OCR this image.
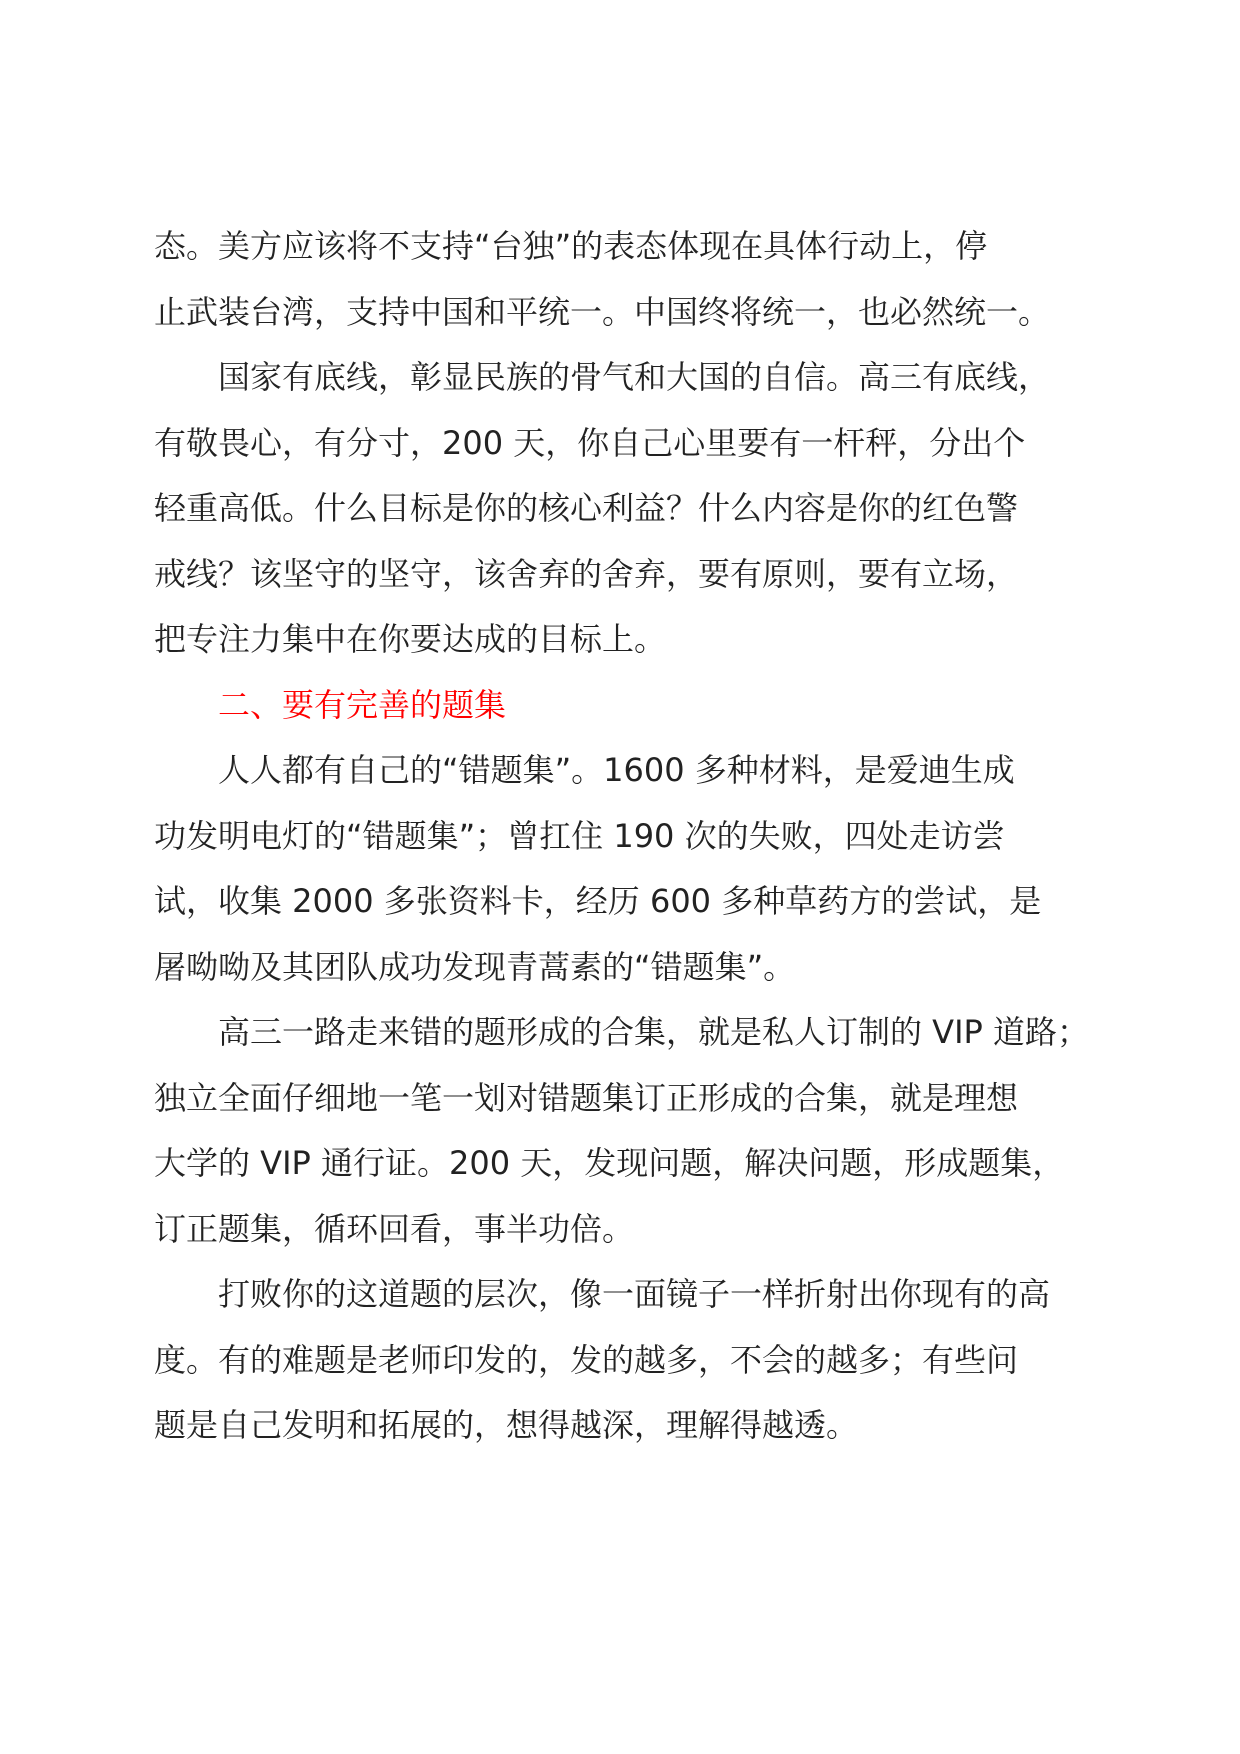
态。美方应该将不支持“台独”的表态体现在具体行动上，停
止武装台湾，支持中国和平统一。中国终将统一，也必然统一。

国家有底线，彰显民族的骨气和大国的自信。高三有底线，
有敬畏心，有分寸，200 天，你自己心里要有一杆秤，分出个
轻重高低。什么目标是你的核心利益？什么内容是你的红色警
戒线？该坚守的坚守，该舍弃的舍弃，要有原则，要有立场，
把专注力集中在你要达成的目标上。

二、要有完善的题集

人人都有自己的“错题集”。1600 多种材料，是爱迪生成
功发明电灯的“错题集”；曾扛住 190 次的失败，四处走访尝
试，收集 2000 多张资料卡，经历 600 多种草药方的尝试，是
屠呦呦及其团队成功发现青蒿素的“错题集”。

高三一路走来错的题形成的合集，就是私人订制的 VIP 道路；
独立全面仔细地一笔一划对错题集订正形成的合集，就是理想
大学的 VIP 通行证。200 天，发现问题，解决问题，形成题集，
订正题集，循环回看，事半功倍。

打败你的这道题的层次，像一面镜子一样折射出你现有的高
度。有的难题是老师印发的，发的越多，不会的越多；有些问
题是自己发明和拓展的，想得越深，理解得越透。
